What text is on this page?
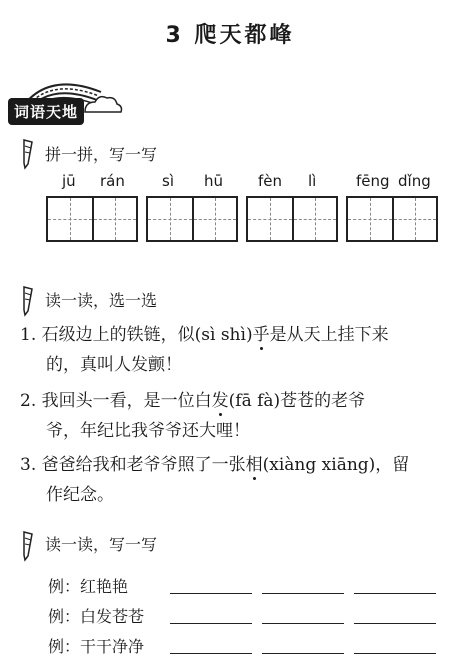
3 爬天都峰
词语天地
拼一拼，写一写
jū rán sì hū fèn lì	fēng dǐng
读一读，选一选
1. 石级边上的铁链，似(sì shì)乎是从天上挂下来
的，真叫人发颤！
2. 我回头一看，是一位白发(fā fà)苍苍的老爷
爷，年纪比我爷爷还大哩！
3. 爸爸给我和老爷爷照了一张相(xiàng xiāng)，留
作纪念。
读一读，写一写
例：红艳艳
例：白发苍苍
例：干干净净
